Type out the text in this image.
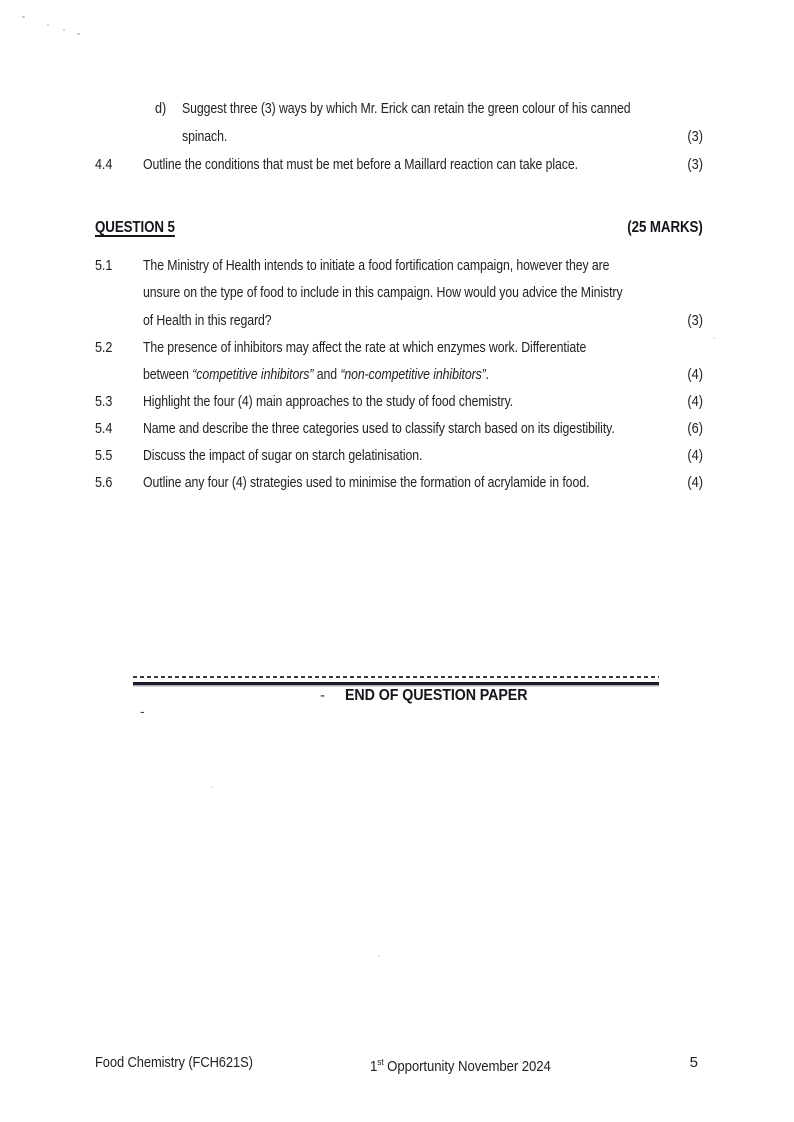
d)	Suggest three (3) ways by which Mr. Erick can retain the green colour of his canned
spinach.	(3)
4.4 Outline the conditions that must be met before a Maillard reaction can take place.	(3)
QUESTION 5	(25 MARKS)
5.1 The Ministry of Health intends to initiate a food fortification campaign, however they are
unsure on the type of food to include in this campaign. How would you advice the Ministry
of Health in this regard?	(3)
5.2 The presence of inhibitors may affect the rate at which enzymes work. Differentiate
between “competitive inhibitors” and “non-competitive inhibitors”.	(4)
5.3 Highlight the four (4) main approaches to the study of food chemistry.	(4)
5.4 Name and describe the three categories used to classify starch based on its digestibility.	(6)
5.5 Discuss the impact of sugar on starch gelatinisation.	(4)
5.6 Outline any four (4) strategies used to minimise the formation of acrylamide in food.	(4)
- END OF QUESTION PAPER
-
Food Chemistry (FCH621S)	1st Opportunity November 2024	5
